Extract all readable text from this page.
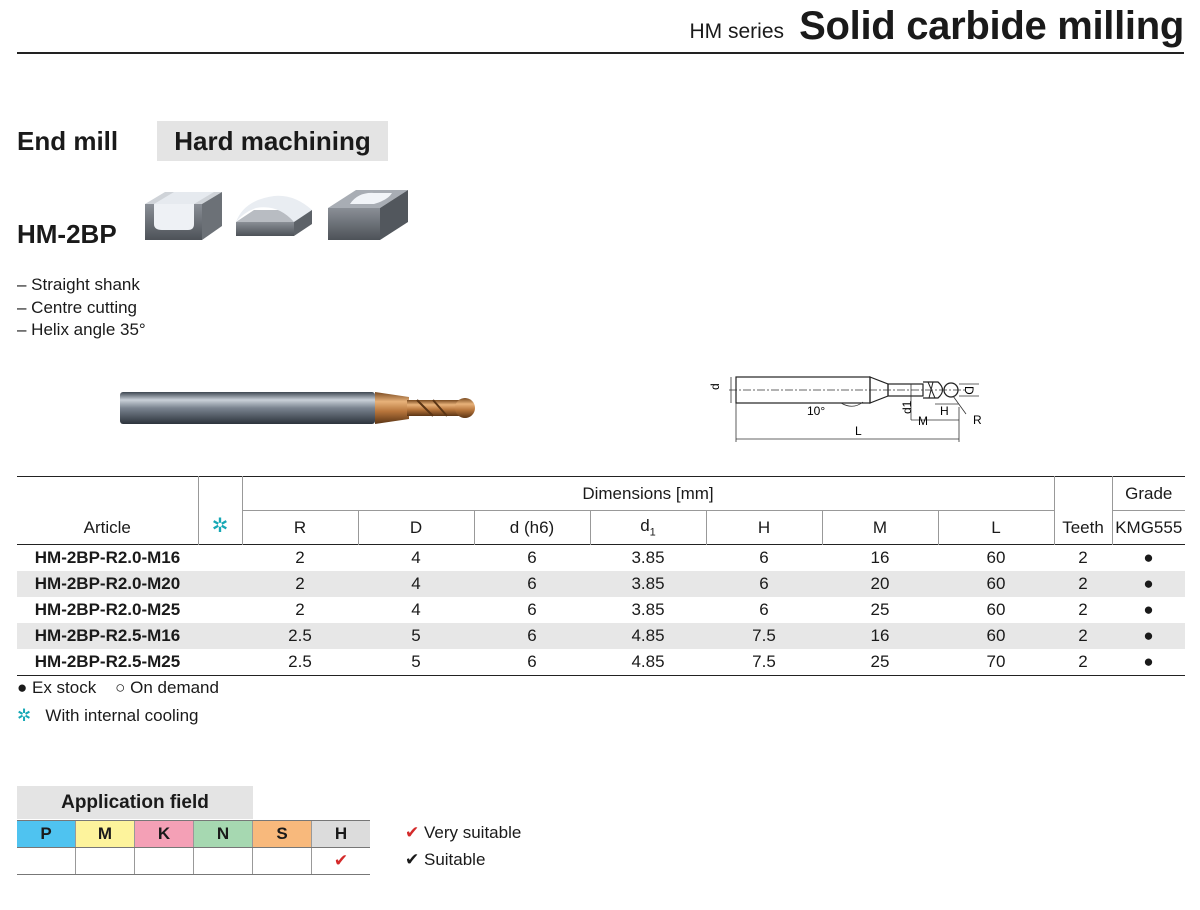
HM series Solid carbide milling
End mill	Hard machining
HM-2BP
– Straight shank
– Centre cutting
– Helix angle 35°
d
10°
L
d1
M
H
D
R
Article	✲	Dimensions [mm]							Teeth	Grade
		R	D	d (h6)	$d_1$	H	M	L		KMG555
HM-2BP-R2.0-M16		2	4	6	3.85	6	16	60	2	●
HM-2BP-R2.0-M20		2	4	6	3.85	6	20	60	2	●
HM-2BP-R2.0-M25		2	4	6	3.85	6	25	60	2	●
HM-2BP-R2.5-M16		2.5	5	6	4.85	7.5	16	60	2	●
HM-2BP-R2.5-M25		2.5	5	6	4.85	7.5	25	70	2	●
● Ex stock ○ On demand
✲ With internal cooling
Application field
P	M	K	N	S	H
					✔
✔ Very suitable
✔ Suitable
